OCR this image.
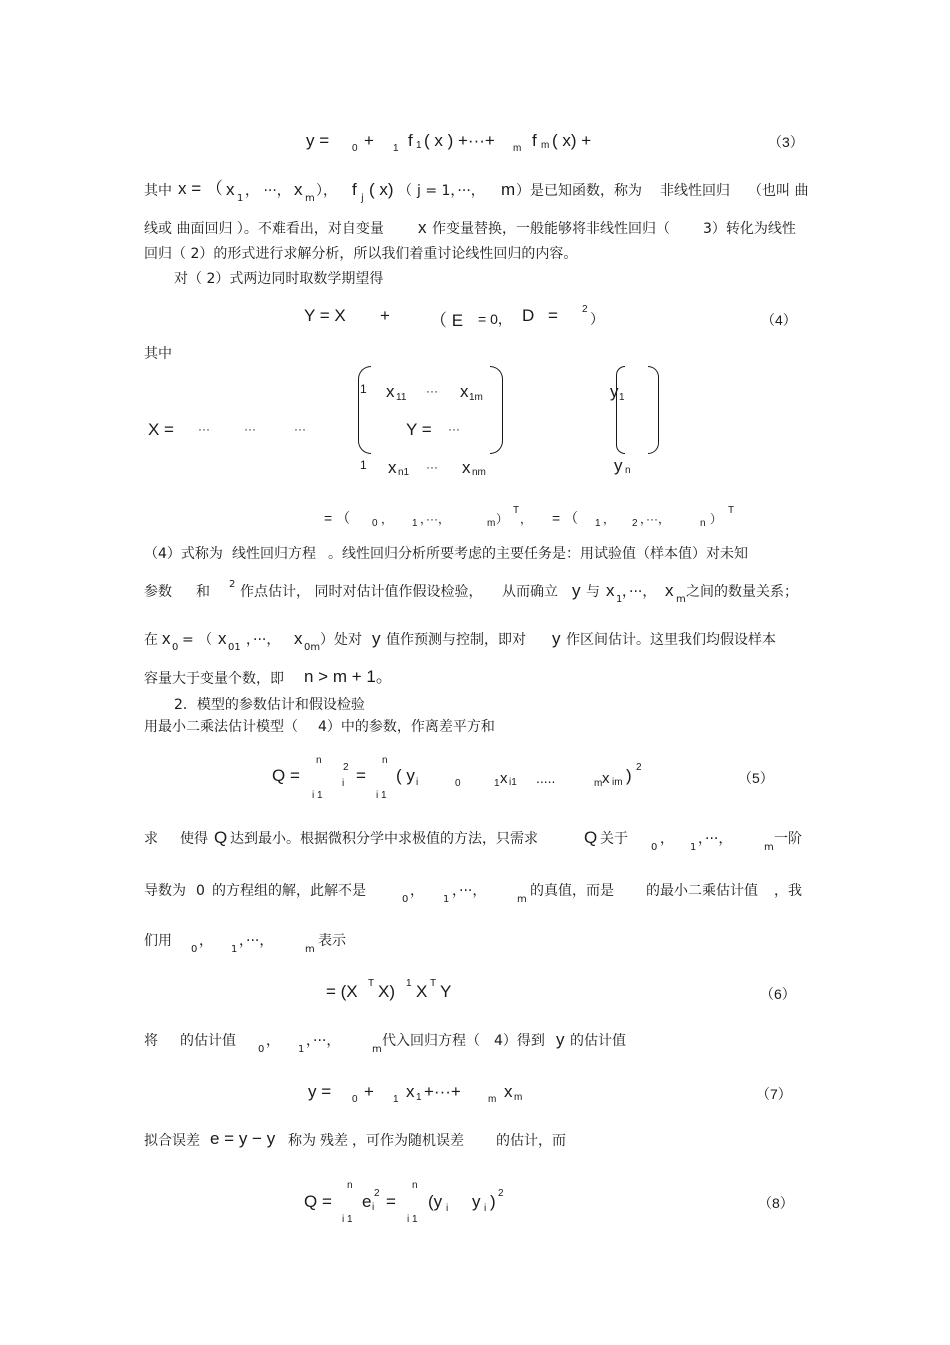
y = 0 + 1 f 1 ( x ) +···+ m f m ( x) +	（3）
其中 x = （ x 1 ， ···， x m ）， f j ( x) （ j = 1，···， m ）是已知函数，称为 非线性回归 （也叫 曲
线或 曲面回归 ）。不难看出，对自变量 x 作变量替换，一般能够将非线性回归（ 3）转化为线性
回归（ 2）的形式进行求解分析，所以我们着重讨论线性回归的内容。
对（ 2）式两边同时取数学期望得
Y = X + （ E = 0， D = 2
）	（4）
其中
X = ···	···	···
1 x 11 ··· x 1m
Y = ···
1 x n1 ··· x nm
y 1
y n
= （ 0 ， 1 ，···，	m ）
T
， = （ 1 ， 2 ，···，	n ）
T
（4）式称为 线性回归方程 。线性回归分析所要考虑的主要任务是：用试验值（样本值）对未知
参数 和 2 作点估计， 同时对估计值作假设检验， 从而确立 y 与 x 1 ，···， x m 之间的数量关系；
在 x 0 = （ x 01 ，···， x 0m ）处对 y 值作预测与控制，即对 y 作区间估计。这里我们均假设样本
容量大于变量个数，即 n > m + 1。
2．模型的参数估计和假设检验
用最小二乘法估计模型（ 4）中的参数，作离差平方和
Q =
n
2
i
i 1
=
n
i 1
( y i	0	1 x i1 .....	m x im ) 2
（5）
求 使得 Q 达到最小。根据微积分学中求极值的方法，只需求	Q 关于
0
，
1
，···，
m
一阶
导数为 0 的方程组的解，此解不是
0
，
1
，···，
m
的真值，而是 的最小二乘估计值 ，我
们用
0
，
1
，···，
m
表示
= (X T X) 1 X T Y	（6）
将 的估计值
0
，
1
，···，
m
代入回归方程（ 4）得到 y 的估计值
y = 0 + 1 x 1 +···+	m x m	（7）
拟合误差 e = y − y 称为 残差 ，可作为随机误差 的估计，而
Q =
n
e i
2 =
n
(y i y i ) 2
i 1	i 1
（8）
